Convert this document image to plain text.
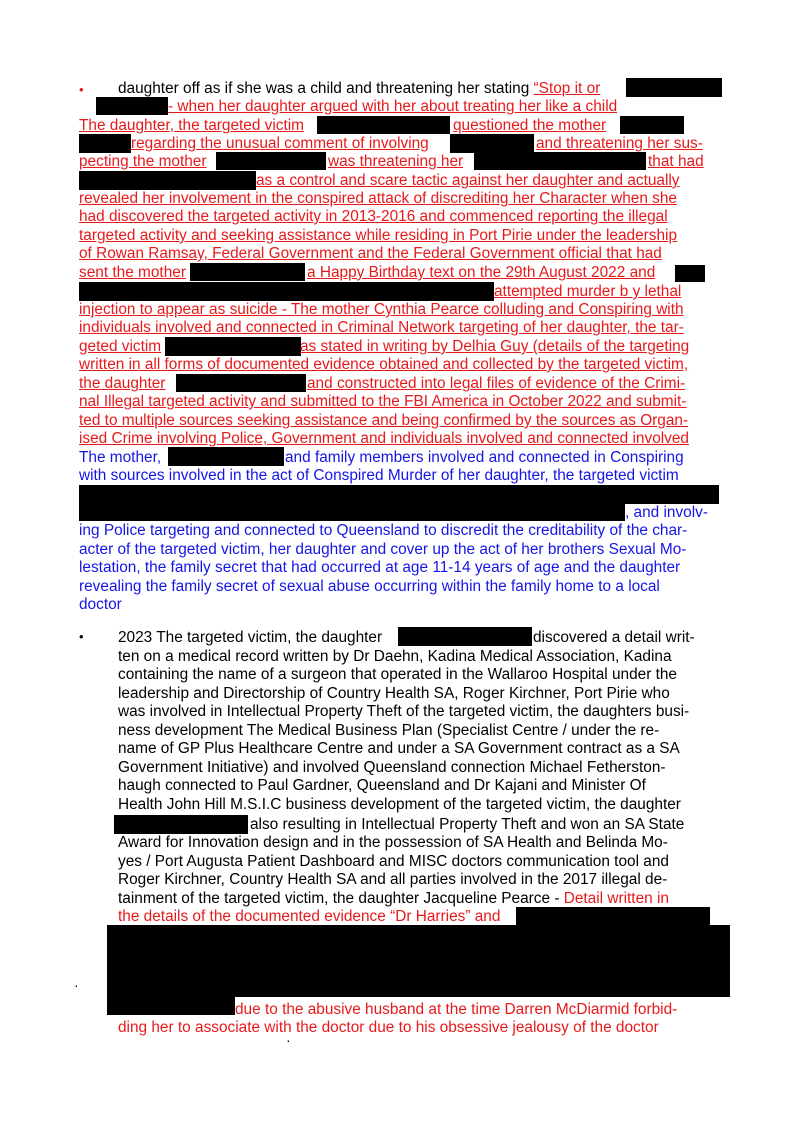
•
•
·
·
daughter off as if she was a child and threatening her stating “Stop it or
- when her daughter argued with her about treating her like a child
The daughter, the targeted victim	questioned the mother
regarding the unusual comment of involving	and threatening her sus-
pecting the mother	was threatening her	that had
as a control and scare tactic against her daughter and actually
revealed her involvement in the conspired attack of discrediting her Character when she
had discovered the targeted activity in 2013-2016 and commenced reporting the illegal
targeted activity and seeking assistance while residing in Port Pirie under the leadership
of Rowan Ramsay, Federal Government and the Federal Government official that had
sent the mother	a Happy Birthday text on the 29th August 2022 and
attempted murder b y lethal
injection to appear as suicide - The mother Cynthia Pearce colluding and Conspiring with
individuals involved and connected in Criminal Network targeting of her daughter, the tar-
geted victim	as stated in writing by Delhia Guy (details of the targeting
written in all forms of documented evidence obtained and collected by the targeted victim,
the daughter	and constructed into legal files of evidence of the Crimi-
nal Illegal targeted activity and submitted to the FBI America in October 2022 and submit-
ted to multiple sources seeking assistance and being confirmed by the sources as Organ-
ised Crime involving Police, Government and individuals involved and connected involved
The mother,	and family members involved and connected in Conspiring
with sources involved in the act of Conspired Murder of her daughter, the targeted victim
, and involv-
ing Police targeting and connected to Queensland to discredit the creditability of the char-
acter of the targeted victim, her daughter and cover up the act of her brothers Sexual Mo-
lestation, the family secret that had occurred at age 11-14 years of age and the daughter
revealing the family secret of sexual abuse occurring within the family home to a local
doctor
2023 The targeted victim, the daughter	discovered a detail writ-
ten on a medical record written by Dr Daehn, Kadina Medical Association, Kadina
containing the name of a surgeon that operated in the Wallaroo Hospital under the
leadership and Directorship of Country Health SA, Roger Kirchner, Port Pirie who
was involved in Intellectual Property Theft of the targeted victim, the daughters busi-
ness development The Medical Business Plan (Specialist Centre / under the re-
name of GP Plus Healthcare Centre and under a SA Government contract as a SA
Government Initiative) and involved Queensland connection Michael Fetherston-
haugh connected to Paul Gardner, Queensland and Dr Kajani and Minister Of
Health John Hill M.S.I.C business development of the targeted victim, the daughter
also resulting in Intellectual Property Theft and won an SA State
Award for Innovation design and in the possession of SA Health and Belinda Mo-
yes / Port Augusta Patient Dashboard and MISC doctors communication tool and
Roger Kirchner, Country Health SA and all parties involved in the 2017 illegal de-
tainment of the targeted victim, the daughter Jacqueline Pearce - Detail written in
the details of the documented evidence “Dr Harries” and
due to the abusive husband at the time Darren McDiarmid forbid-
ding her to associate with the doctor due to his obsessive jealousy of the doctor
